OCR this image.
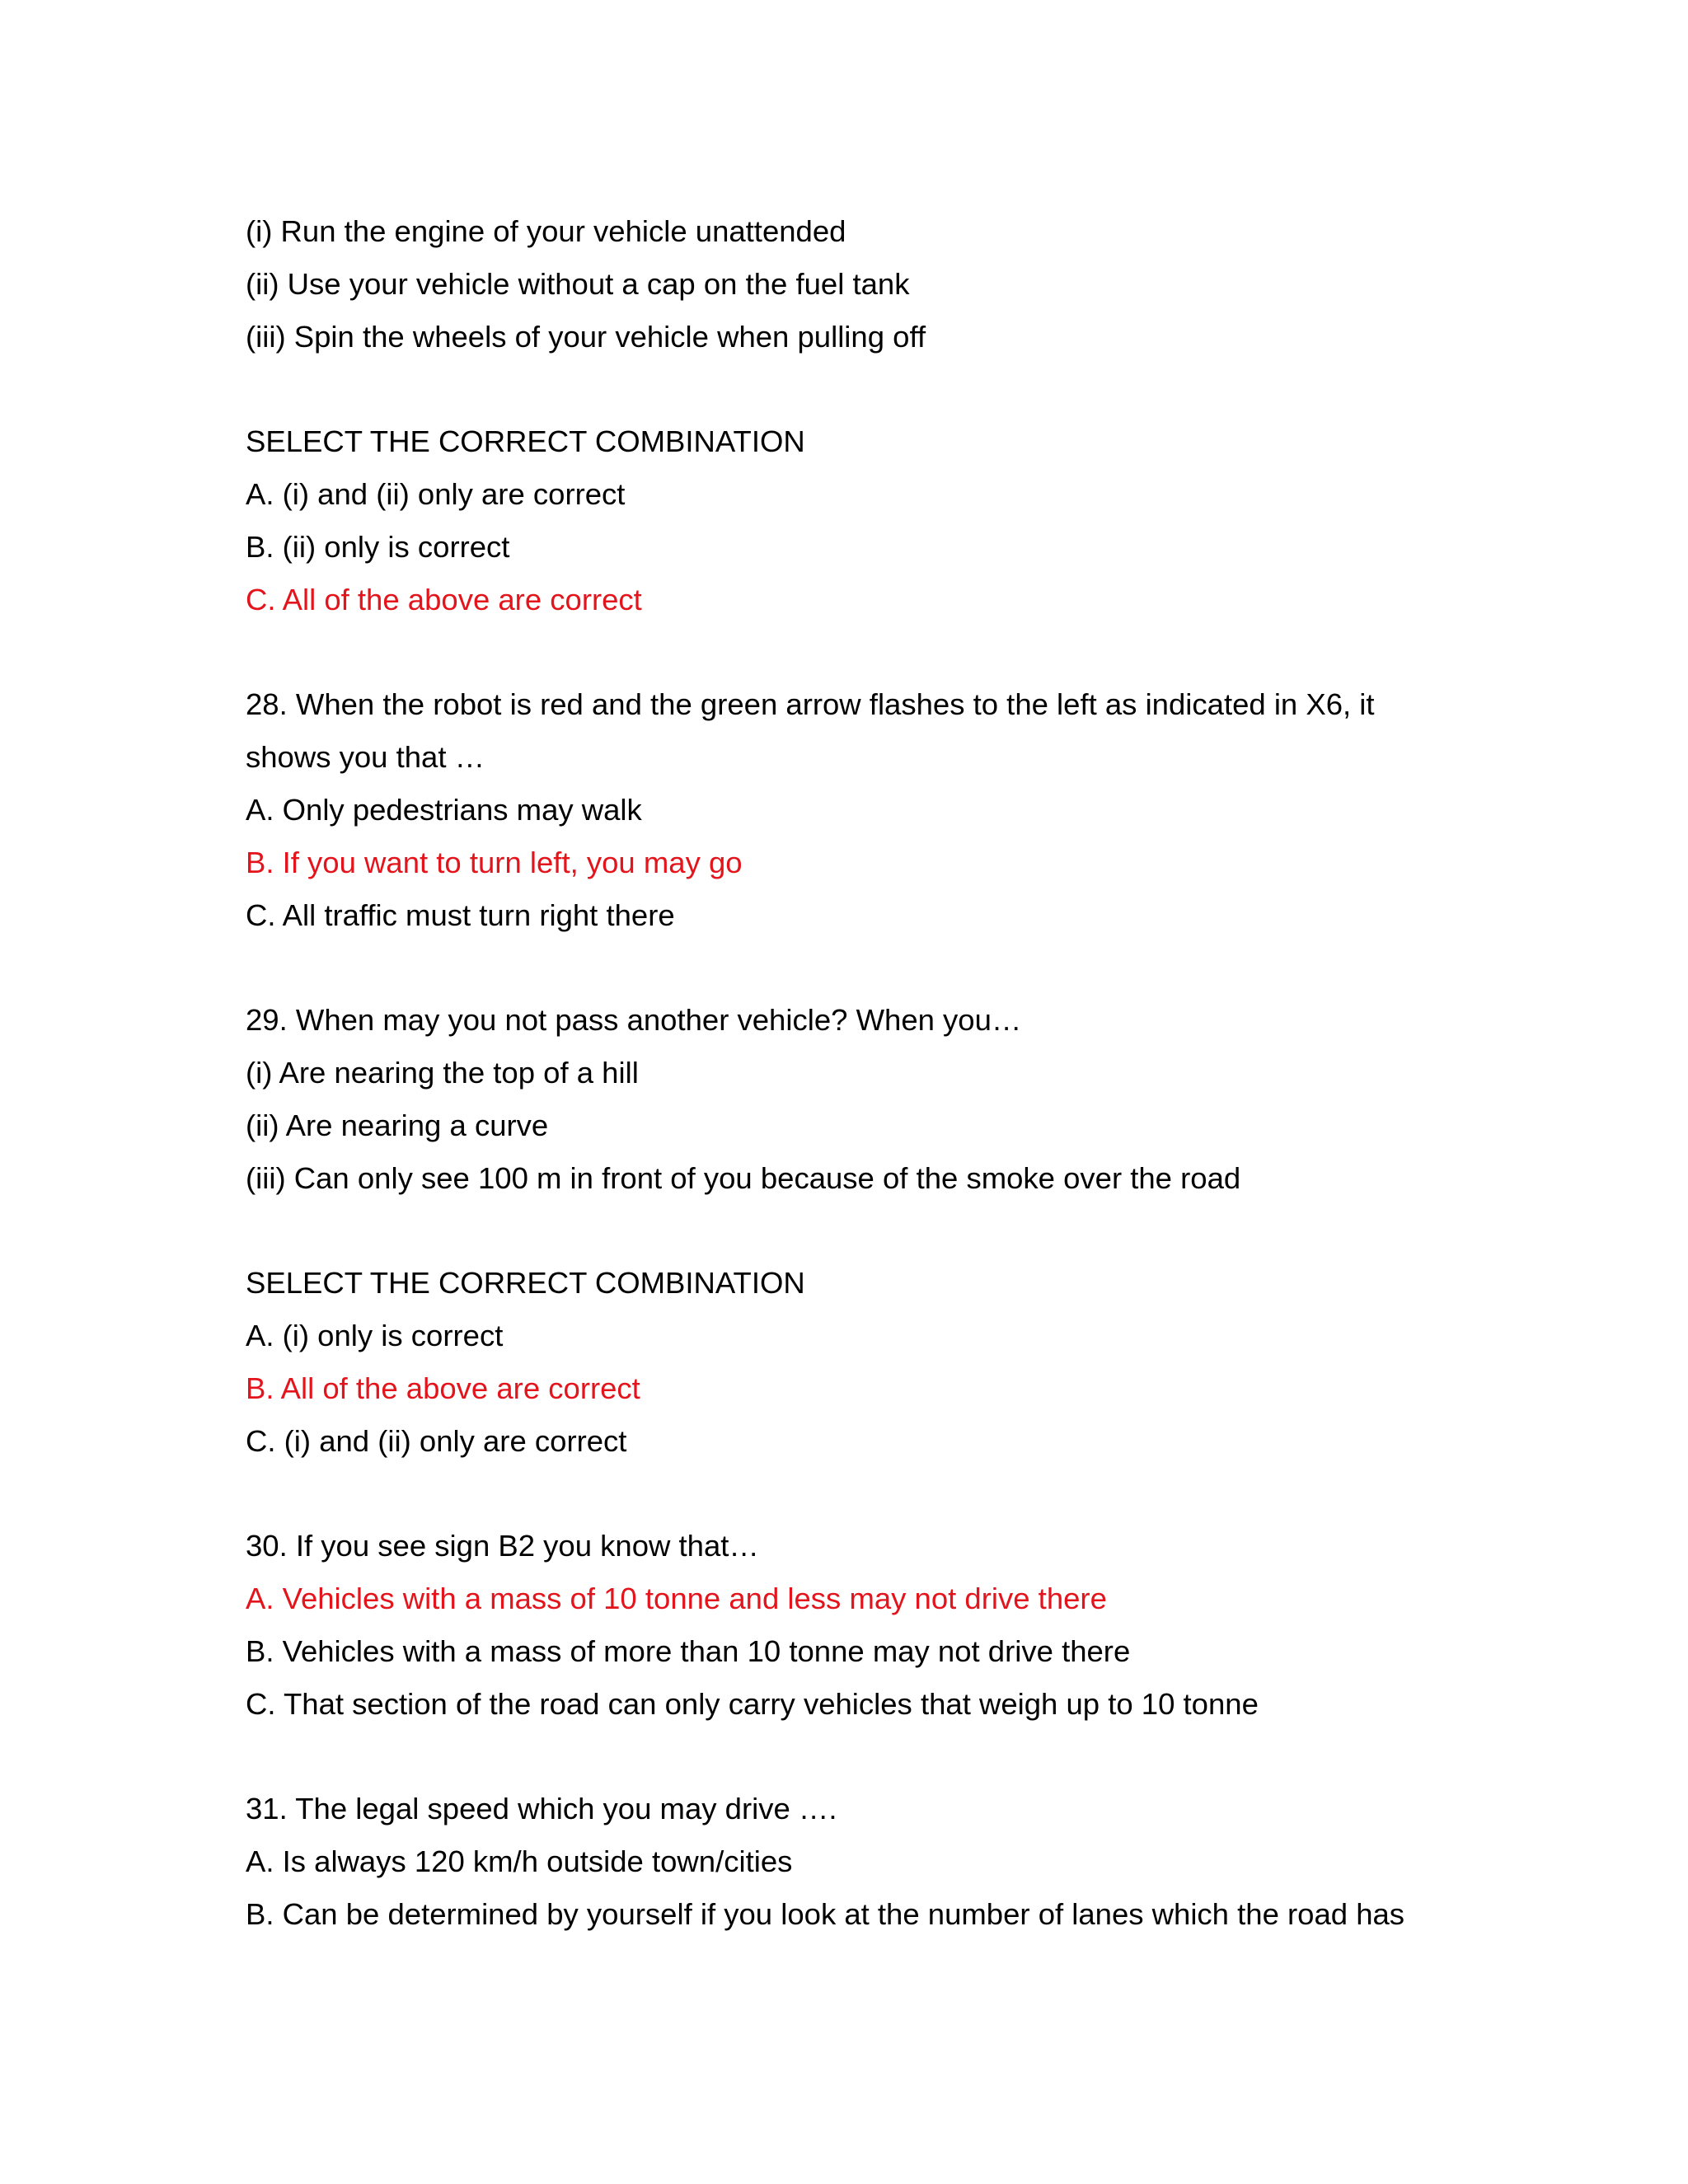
(i) Run the engine of your vehicle unattended

(ii) Use your vehicle without a cap on the fuel tank

(iii) Spin the wheels of your vehicle when pulling off

SELECT THE CORRECT COMBINATION

A. (i) and (ii) only are correct

B. (ii) only is correct

C. All of the above are correct

28. When the robot is red and the green arrow flashes to the left as indicated in X6, it

shows you that …

A. Only pedestrians may walk

B. If you want to turn left, you may go

C. All traffic must turn right there

29. When may you not pass another vehicle? When you…

(i) Are nearing the top of a hill

(ii) Are nearing a curve

(iii) Can only see 100 m in front of you because of the smoke over the road

SELECT THE CORRECT COMBINATION

A. (i) only is correct

B. All of the above are correct

C. (i) and (ii) only are correct

30. If you see sign B2 you know that…

A. Vehicles with a mass of 10 tonne and less may not drive there

B. Vehicles with a mass of more than 10 tonne may not drive there

C. That section of the road can only carry vehicles that weigh up to 10 tonne

31. The legal speed which you may drive ….

A. Is always 120 km/h outside town/cities

B. Can be determined by yourself if you look at the number of lanes which the road has
